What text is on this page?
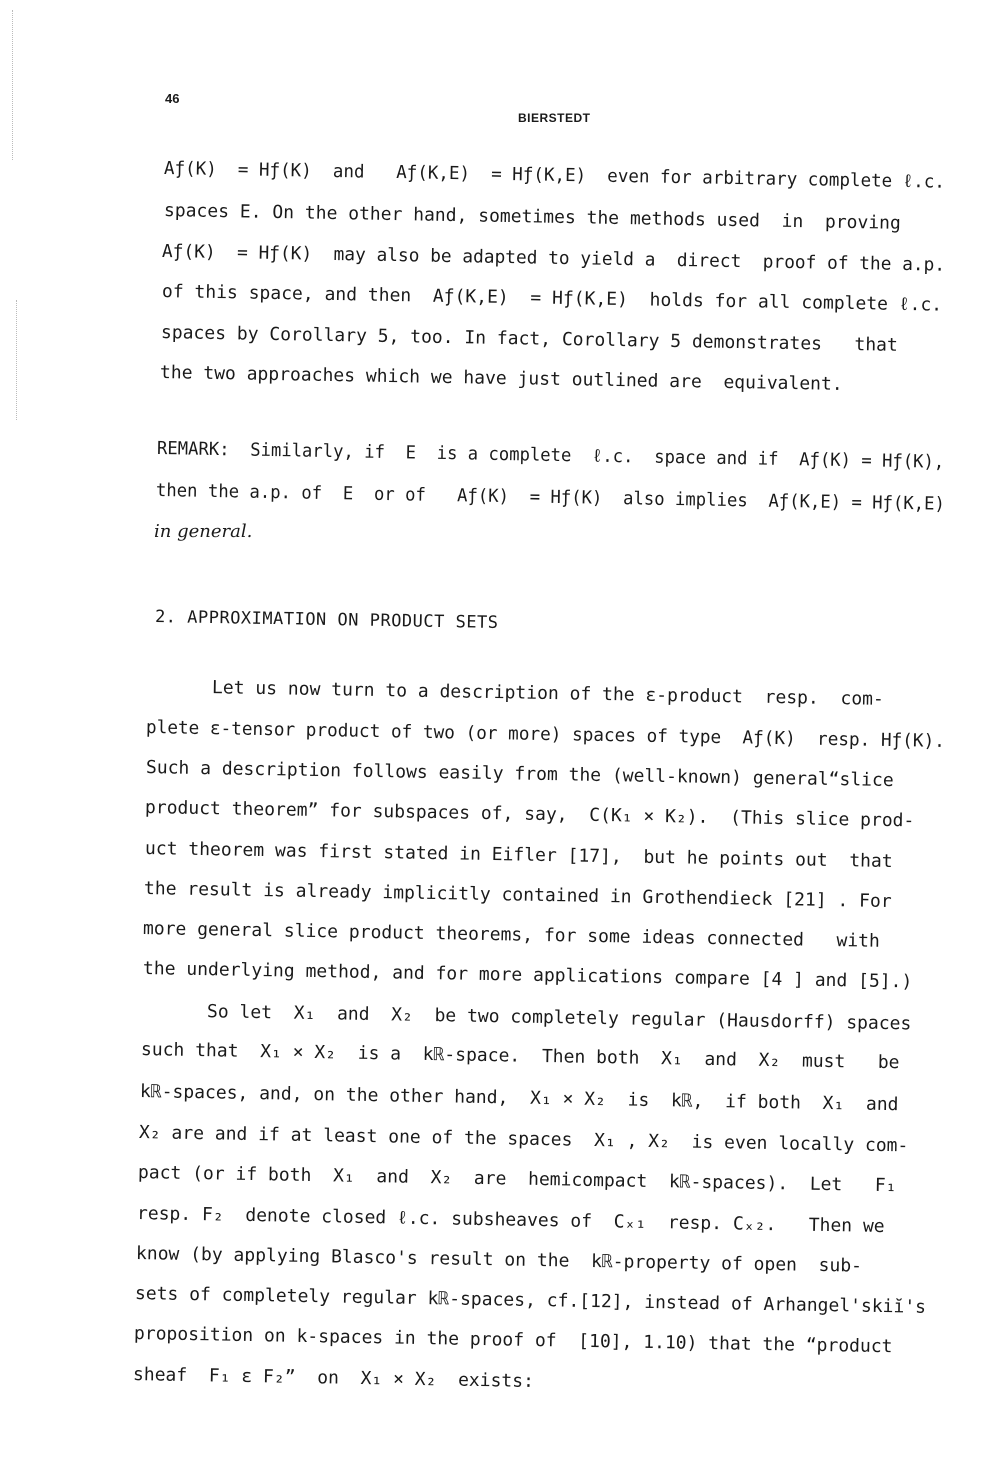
46
BIERSTEDT
Aƒ(K)  = Hƒ(K)  and   Aƒ(K,E)  = Hƒ(K,E)  even for arbitrary complete ℓ.c.
spaces E. On the other hand, sometimes the methods used  in  proving
Aƒ(K)  = Hƒ(K)  may also be adapted to yield a  direct  proof of the a.p.
of this space, and then  Aƒ(K,E)  = Hƒ(K,E)  holds for all complete ℓ.c.
spaces by Corollary 5, too. In fact, Corollary 5 demonstrates   that
the two approaches which we have just outlined are  equivalent.
REMARK:  Similarly, if  E  is a complete  ℓ.c.  space and if  Aƒ(K) = Hƒ(K),
then the a.p. of  E  or of   Aƒ(K)  = Hƒ(K)  also implies  Aƒ(K,E) = Hƒ(K,E)
in general.
2. APPROXIMATION ON PRODUCT SETS
Let us now turn to a description of the ε-product  resp.  com-
plete ε-tensor product of two (or more) spaces of type  Aƒ(K)  resp. Hƒ(K).
Such a description follows easily from the (well-known) general“slice
product theorem” for subspaces of, say,  C(K₁ × K₂).  (This slice prod-
uct theorem was first stated in Eifler [17],  but he points out  that
the result is already implicitly contained in Grothendieck [21] . For
more general slice product theorems, for some ideas connected   with
the underlying method, and for more applications compare [4 ] and [5].)
So let  X₁  and  X₂  be two completely regular (Hausdorff) spaces
such that  X₁ × X₂  is a  kℝ-space.  Then both  X₁  and  X₂  must   be
kℝ-spaces, and, on the other hand,  X₁ × X₂  is  kℝ,  if both  X₁  and
X₂ are and if at least one of the spaces  X₁ , X₂  is even locally com-
pact (or if both  X₁  and  X₂  are  hemicompact  kℝ-spaces).  Let   F₁
resp. F₂  denote closed ℓ.c. subsheaves of  Cₓ₁  resp. Cₓ₂.   Then we
know (by applying Blasco's result on the  kℝ-property of open  sub-
sets of completely regular kℝ-spaces, cf.[12], instead of Arhangel'skiĭ's
proposition on k-spaces in the proof of  [10], 1.10) that the “product
sheaf  F₁ ε F₂”  on  X₁ × X₂  exists:
